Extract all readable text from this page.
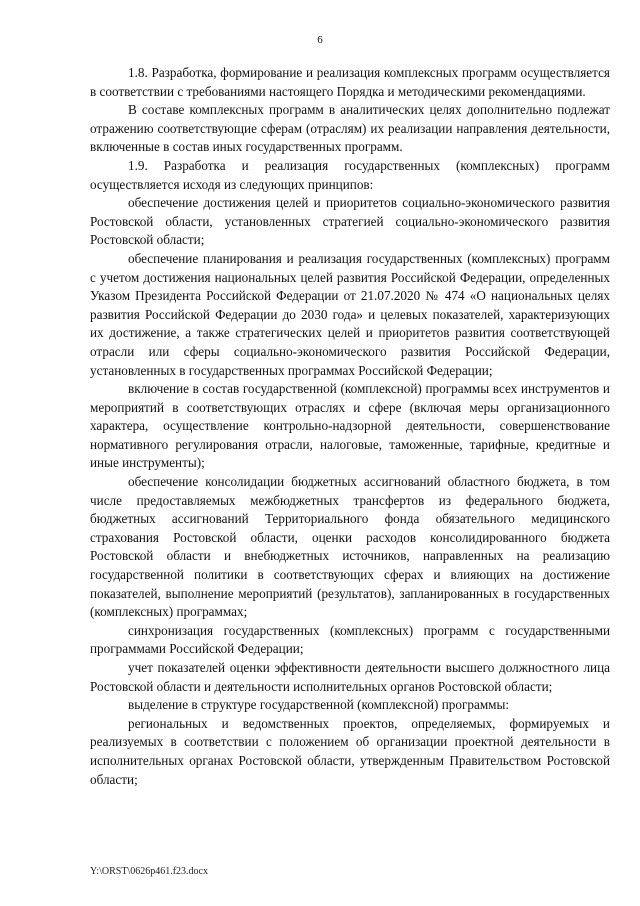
6

1.8. Разработка, формирование и реализация комплексных программ осуществляется в соответствии с требованиями настоящего Порядка и методическими рекомендациями.

В составе комплексных программ в аналитических целях дополнительно подлежат отражению соответствующие сферам (отраслям) их реализации направления деятельности, включенные в состав иных государственных программ.

1.9. Разработка и реализация государственных (комплексных) программ осуществляется исходя из следующих принципов:

обеспечение достижения целей и приоритетов социально-экономического развития Ростовской области, установленных стратегией социально-экономического развития Ростовской области;

обеспечение планирования и реализация государственных (комплексных) программ с учетом достижения национальных целей развития Российской Федерации, определенных Указом Президента Российской Федерации от 21.07.2020 № 474 «О национальных целях развития Российской Федерации до 2030 года» и целевых показателей, характеризующих их достижение, а также стратегических целей и приоритетов развития соответствующей отрасли или сферы социально-экономического развития Российской Федерации, установленных в государственных программах Российской Федерации;

включение в состав государственной (комплексной) программы всех инструментов и мероприятий в соответствующих отраслях и сфере (включая меры организационного характера, осуществление контрольно-надзорной деятельности, совершенствование нормативного регулирования отрасли, налоговые, таможенные, тарифные, кредитные и иные инструменты);

обеспечение консолидации бюджетных ассигнований областного бюджета, в том числе предоставляемых межбюджетных трансфертов из федерального бюджета, бюджетных ассигнований Территориального фонда обязательного медицинского страхования Ростовской области, оценки расходов консолидированного бюджета Ростовской области и внебюджетных источников, направленных на реализацию государственной политики в соответствующих сферах и влияющих на достижение показателей, выполнение мероприятий (результатов), запланированных в государственных (комплексных) программах;

синхронизация государственных (комплексных) программ с государственными программами Российской Федерации;

учет показателей оценки эффективности деятельности высшего должностного лица Ростовской области и деятельности исполнительных органов Ростовской области;

выделение в структуре государственной (комплексной) программы:

региональных и ведомственных проектов, определяемых, формируемых и реализуемых в соответствии с положением об организации проектной деятельности в исполнительных органах Ростовской области, утвержденным Правительством Ростовской области;

Y:\ORST\0626p461.f23.docx
